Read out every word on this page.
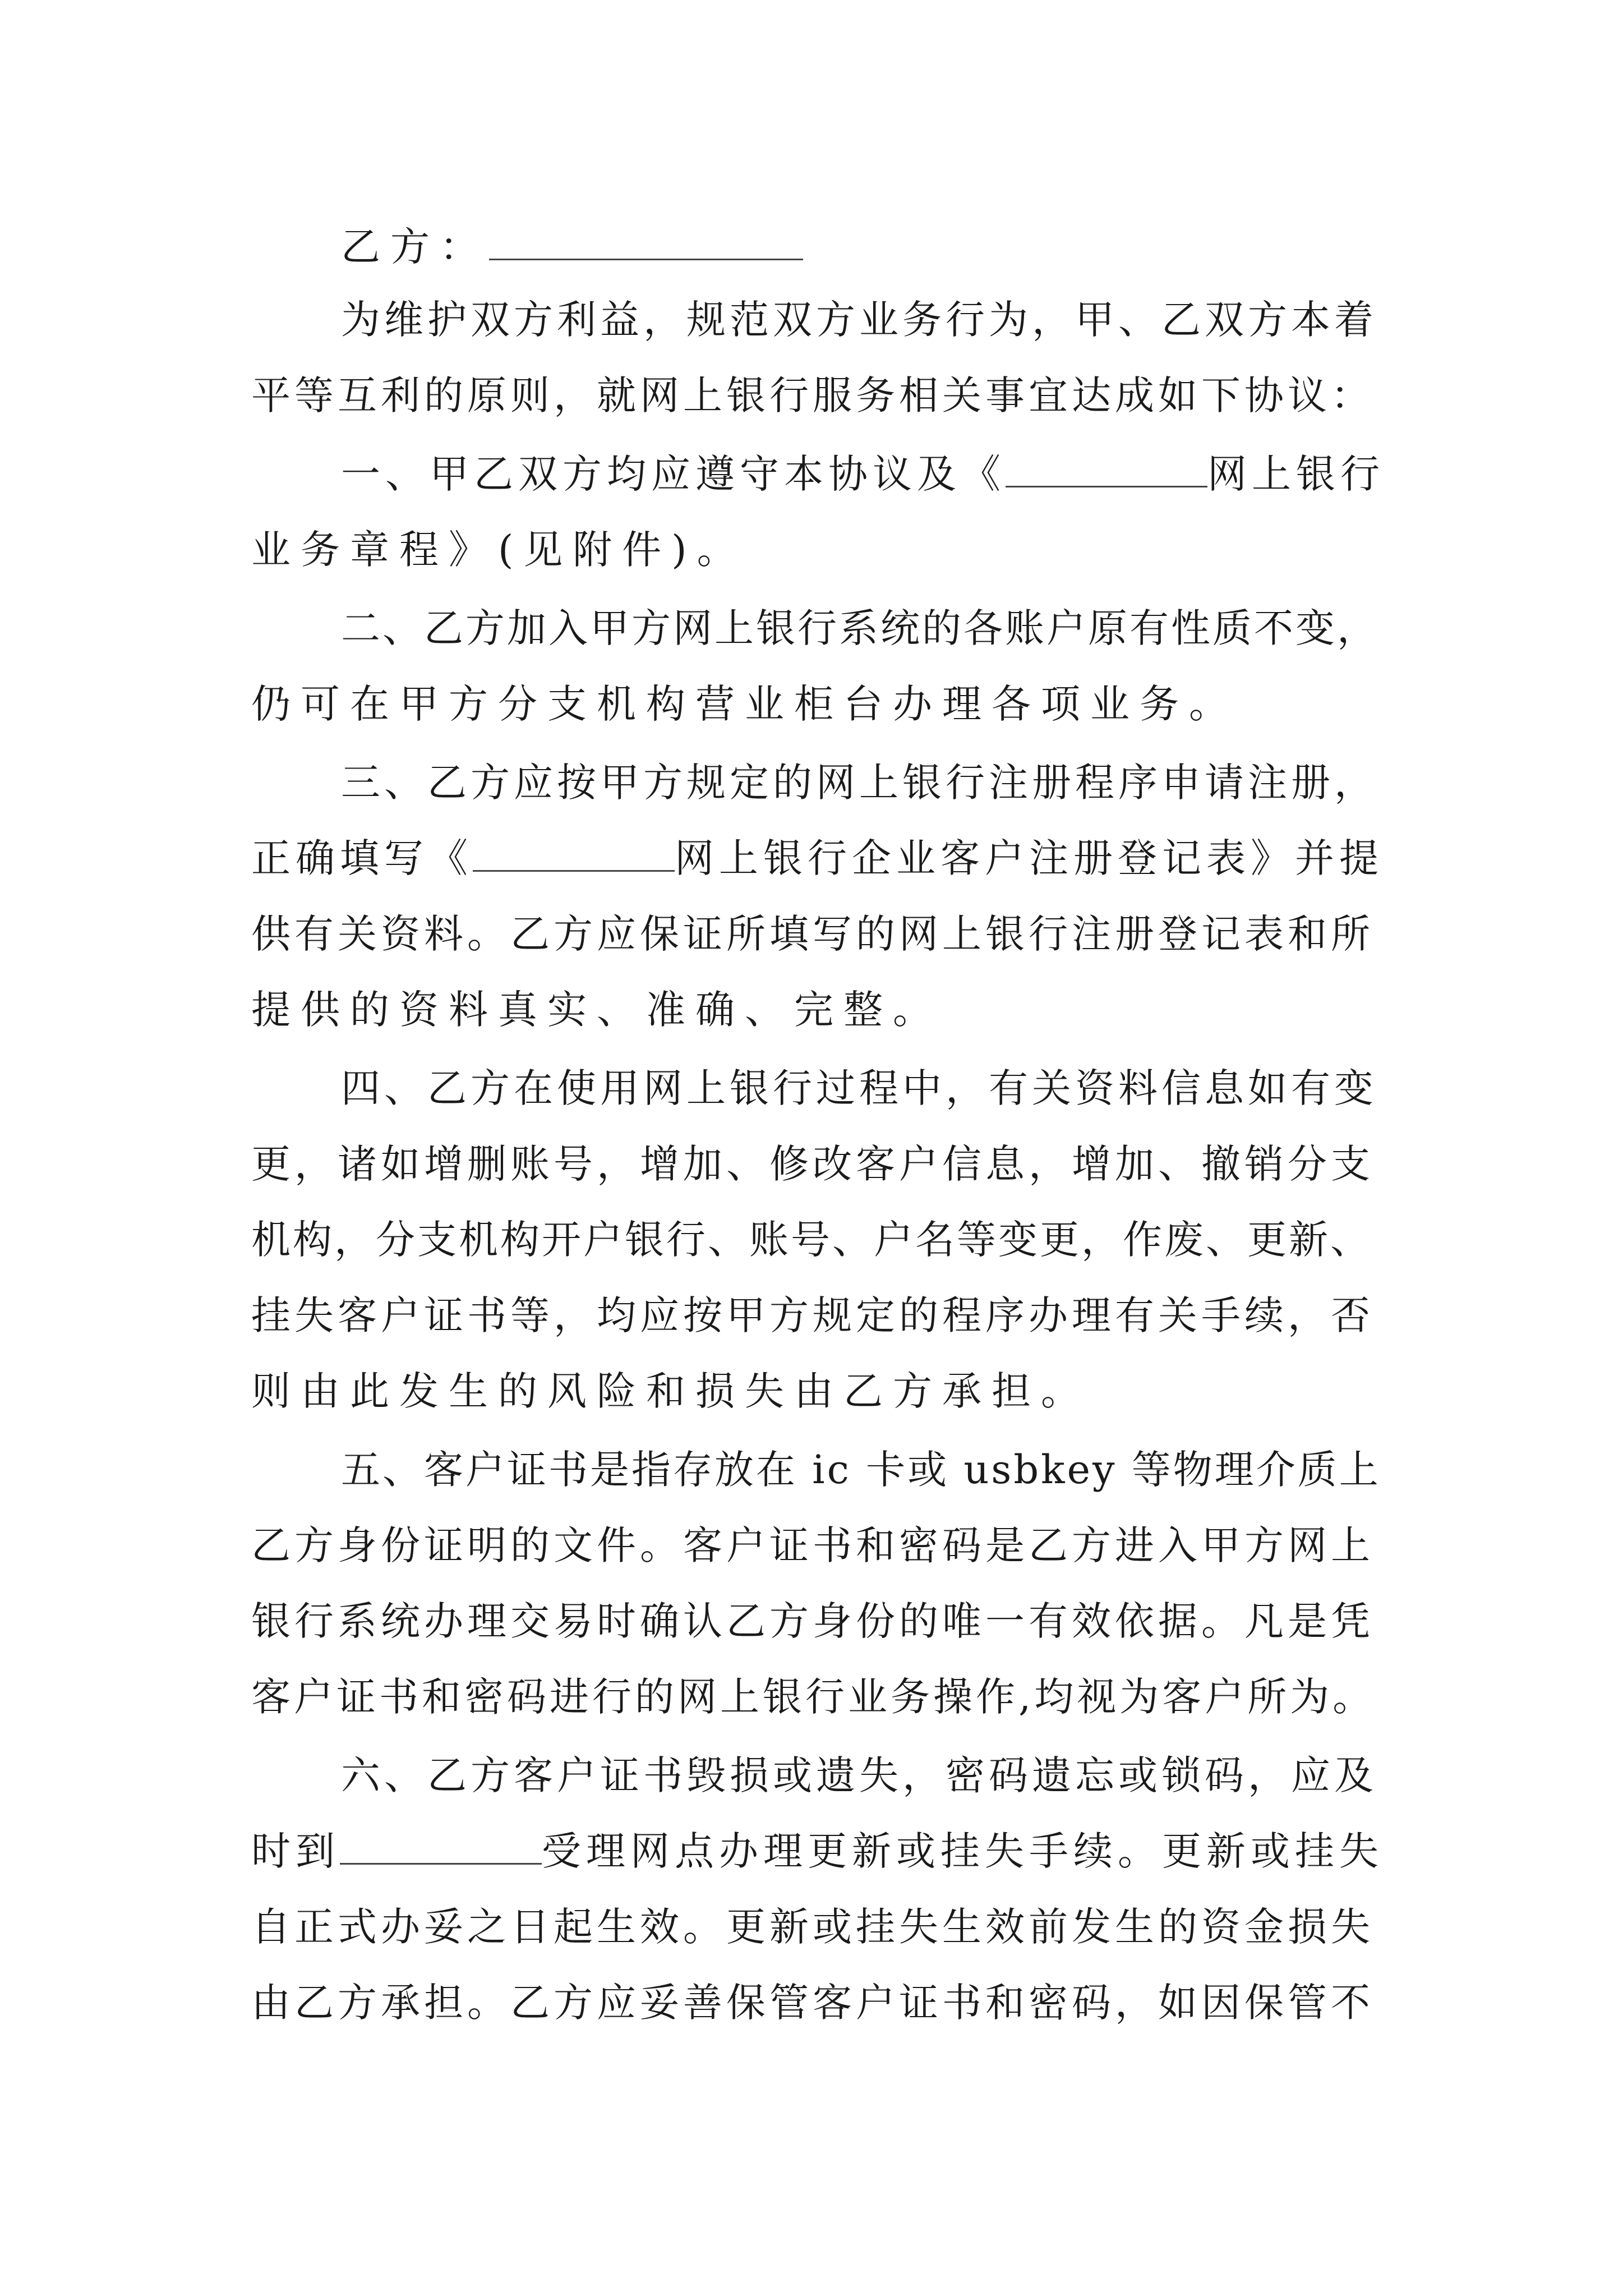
乙方：
为维护双方利益，规范双方业务行为，甲、乙双方本着
平等互利的原则，就网上银行服务相关事宜达成如下协议：
一、甲乙双方均应遵守本协议及《	网上银行
业务章程》(见附件)。
二、乙方加入甲方网上银行系统的各账户原有性质不变，
仍可在甲方分支机构营业柜台办理各项业务。
三、乙方应按甲方规定的网上银行注册程序申请注册，
正确填写《	网上银行企业客户注册登记表》并提
供有关资料。乙方应保证所填写的网上银行注册登记表和所
提供的资料真实、准确、完整。
四、乙方在使用网上银行过程中，有关资料信息如有变
更，诸如增删账号，增加、修改客户信息，增加、撤销分支
机构，分支机构开户银行、账号、户名等变更，作废、更新、
挂失客户证书等，均应按甲方规定的程序办理有关手续，否
则由此发生的风险和损失由乙方承担。
五、客户证书是指存放在 ic 卡或 usbkey 等物理介质上
乙方身份证明的文件。客户证书和密码是乙方进入甲方网上
银行系统办理交易时确认乙方身份的唯一有效依据。凡是凭
客户证书和密码进行的网上银行业务操作,均视为客户所为。
六、乙方客户证书毁损或遗失，密码遗忘或锁码，应及
时到	受理网点办理更新或挂失手续。更新或挂失
自正式办妥之日起生效。更新或挂失生效前发生的资金损失
由乙方承担。乙方应妥善保管客户证书和密码，如因保管不
